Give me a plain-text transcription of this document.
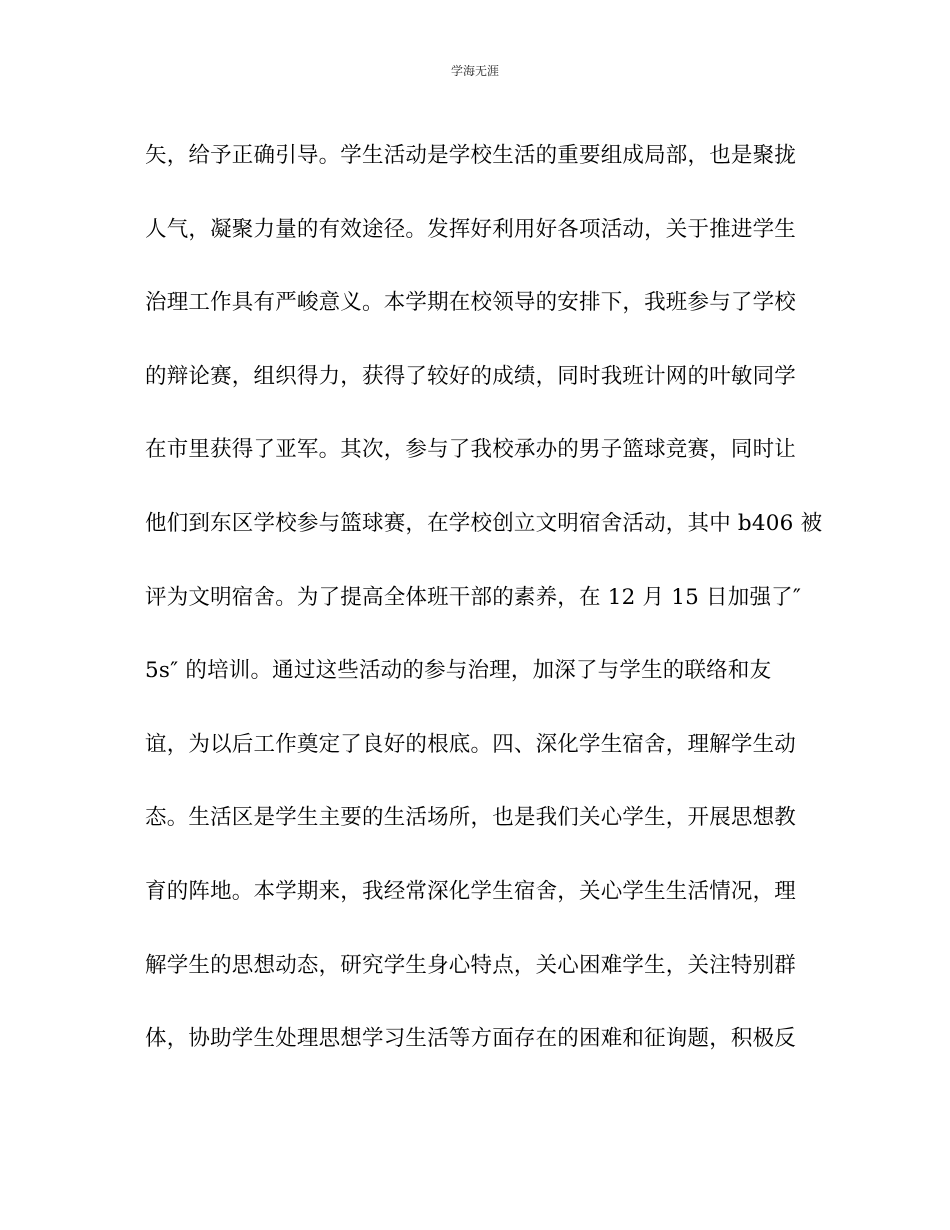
学海无涯
矢，给予正确引导。学生活动是学校生活的重要组成局部，也是聚拢
人气，凝聚力量的有效途径。发挥好利用好各项活动，关于推进学生
治理工作具有严峻意义。本学期在校领导的安排下，我班参与了学校
的辩论赛，组织得力，获得了较好的成绩，同时我班计网的叶敏同学
在市里获得了亚军。其次，参与了我校承办的男子篮球竞赛，同时让
他们到东区学校参与篮球赛，在学校创立文明宿舍活动，其中 b406 被
评为文明宿舍。为了提高全体班干部的素养，在 12 月 15 日加强了″
5s″ 的培训。通过这些活动的参与治理，加深了与学生的联络和友
谊，为以后工作奠定了良好的根底。四、深化学生宿舍，理解学生动
态。生活区是学生主要的生活场所，也是我们关心学生，开展思想教
育的阵地。本学期来，我经常深化学生宿舍，关心学生生活情况，理
解学生的思想动态，研究学生身心特点，关心困难学生，关注特别群
体，协助学生处理思想学习生活等方面存在的困难和征询题，积极反
